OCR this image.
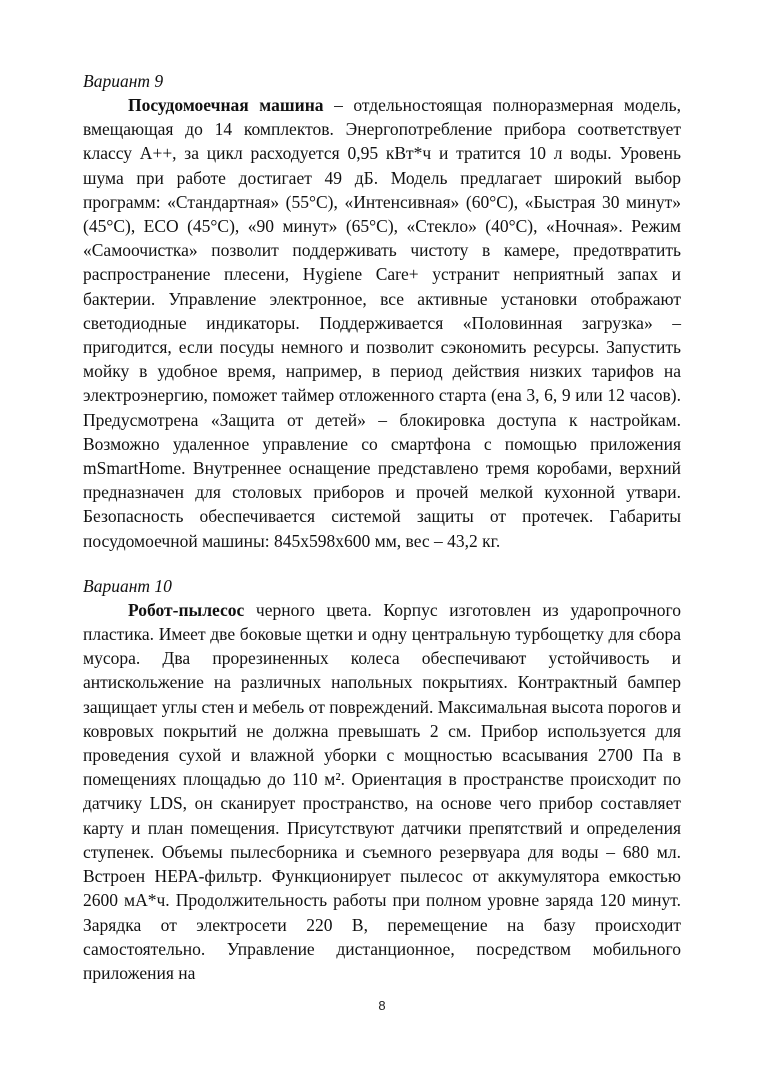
Вариант 9

Посудомоечная машина – отдельностоящая полноразмерная модель, вмещающая до 14 комплектов. Энергопотребление прибора соответствует классу А++, за цикл расходуется 0,95 кВт*ч и тратится 10 л воды. Уровень шума при работе достигает 49 дБ. Модель предлагает широкий выбор программ: «Стандартная» (55°C), «Интенсивная» (60°C), «Быстрая 30 минут» (45°C), ECO (45°C), «90 минут» (65°C), «Стекло» (40°C), «Ночная». Режим «Самоочистка» позволит поддерживать чистоту в камере, предотвратить распространение плесени, Hygiene Care+ устранит неприятный запах и бактерии. Управление электронное, все активные установки отображают светодиодные индикаторы. Поддерживается «Половинная загрузка» – пригодится, если посуды немного и позволит сэкономить ресурсы. Запустить мойку в удобное время, например, в период действия низких тарифов на электроэнергию, поможет таймер отложенного старта (ена 3, 6, 9 или 12 часов). Предусмотрена «Защита от детей» – блокировка доступа к настройкам. Возможно удаленное управление со смартфона с помощью приложения mSmartHome. Внутреннее оснащение представлено тремя коробами, верхний предназначен для столовых приборов и прочей мелкой кухонной утвари. Безопасность обеспечивается системой защиты от протечек. Габариты посудомоечной машины: 845х598х600 мм, вес – 43,2 кг.

Вариант 10

Робот-пылесос черного цвета. Корпус изготовлен из ударопрочного пластика. Имеет две боковые щетки и одну центральную турбощетку для сбора мусора. Два прорезиненных колеса обеспечивают устойчивость и антискольжение на различных напольных покрытиях. Контрактный бампер защищает углы стен и мебель от повреждений. Максимальная высота порогов и ковровых покрытий не должна превышать 2 см. Прибор используется для проведения сухой и влажной уборки с мощностью всасывания 2700 Па в помещениях площадью до 110 м². Ориентация в пространстве происходит по датчику LDS, он сканирует пространство, на основе чего прибор составляет карту и план помещения. Присутствуют датчики препятствий и определения ступенек. Объемы пылесборника и съемного резервуара для воды – 680 мл. Встроен HEPA-фильтр. Функционирует пылесос от аккумулятора емкостью 2600 мА*ч. Продолжительность работы при полном уровне заряда 120 минут. Зарядка от электросети 220 В, перемещение на базу происходит самостоятельно. Управление дистанционное, посредством мобильного приложения на

8
